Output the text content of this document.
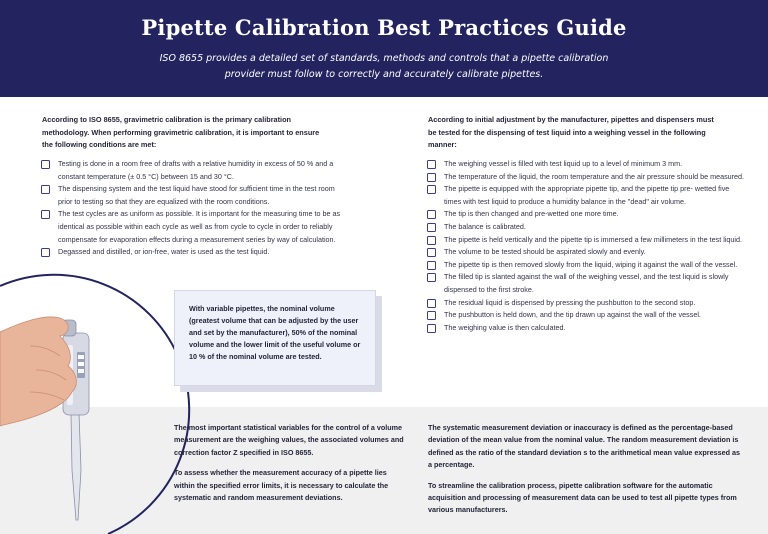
Pipette Calibration Best Practices Guide
ISO 8655 provides a detailed set of standards, methods and controls that a pipette calibration provider must follow to correctly and accurately calibrate pipettes.
According to ISO 8655, gravimetric calibration is the primary calibration methodology. When performing gravimetric calibration, it is important to ensure the following conditions are met:
Testing is done in a room free of drafts with a relative humidity in excess of 50 % and a constant temperature (± 0.5 °C) between 15 and 30 °C.
The dispensing system and the test liquid have stood for sufficient time in the test room prior to testing so that they are equalized with the room conditions.
The test cycles are as uniform as possible. It is important for the measuring time to be as identical as possible within each cycle as well as from cycle to cycle in order to reliably compensate for evaporation effects during a measurement series by way of calculation.
Degassed and distilled, or ion-free, water is used as the test liquid.
According to initial adjustment by the manufacturer, pipettes and dispensers must be tested for the dispensing of test liquid into a weighing vessel in the following manner:
The weighing vessel is filled with test liquid up to a level of minimum 3 mm.
The temperature of the liquid, the room temperature and the air pressure should be measured.
The pipette is equipped with the appropriate pipette tip, and the pipette tip pre- wetted five times with test liquid to produce a humidity balance in the "dead" air volume.
The tip is then changed and pre-wetted one more time.
The balance is calibrated.
The pipette is held vertically and the pipette tip is immersed a few millimeters in the test liquid.
The volume to be tested should be aspirated slowly and evenly.
The pipette tip is then removed slowly from the liquid, wiping it against the wall of the vessel.
The filled tip is slanted against the wall of the weighing vessel, and the test liquid is slowly dispensed to the first stroke.
The residual liquid is dispensed by pressing the pushbutton to the second stop.
The pushbutton is held down, and the tip drawn up against the wall of the vessel.
The weighing value is then calculated.
With variable pipettes, the nominal volume (greatest volume that can be adjusted by the user and set by the manufacturer), 50% of the nominal volume and the lower limit of the useful volume or 10 % of the nominal volume are tested.

The most important statistical variables for the control of a volume measurement are the weighing values, the associated volumes and correction factor Z specified in ISO 8655.

To assess whether the measurement accuracy of a pipette lies within the specified error limits, it is necessary to calculate the systematic and random measurement deviations.

The systematic measurement deviation or inaccuracy is defined as the percentage-based deviation of the mean value from the nominal value. The random measurement deviation is defined as the ratio of the standard deviation s to the arithmetical mean value expressed as a percentage.

To streamline the calibration process, pipette calibration software for the automatic acquisition and processing of measurement data can be used to test all pipette types from various manufacturers.
